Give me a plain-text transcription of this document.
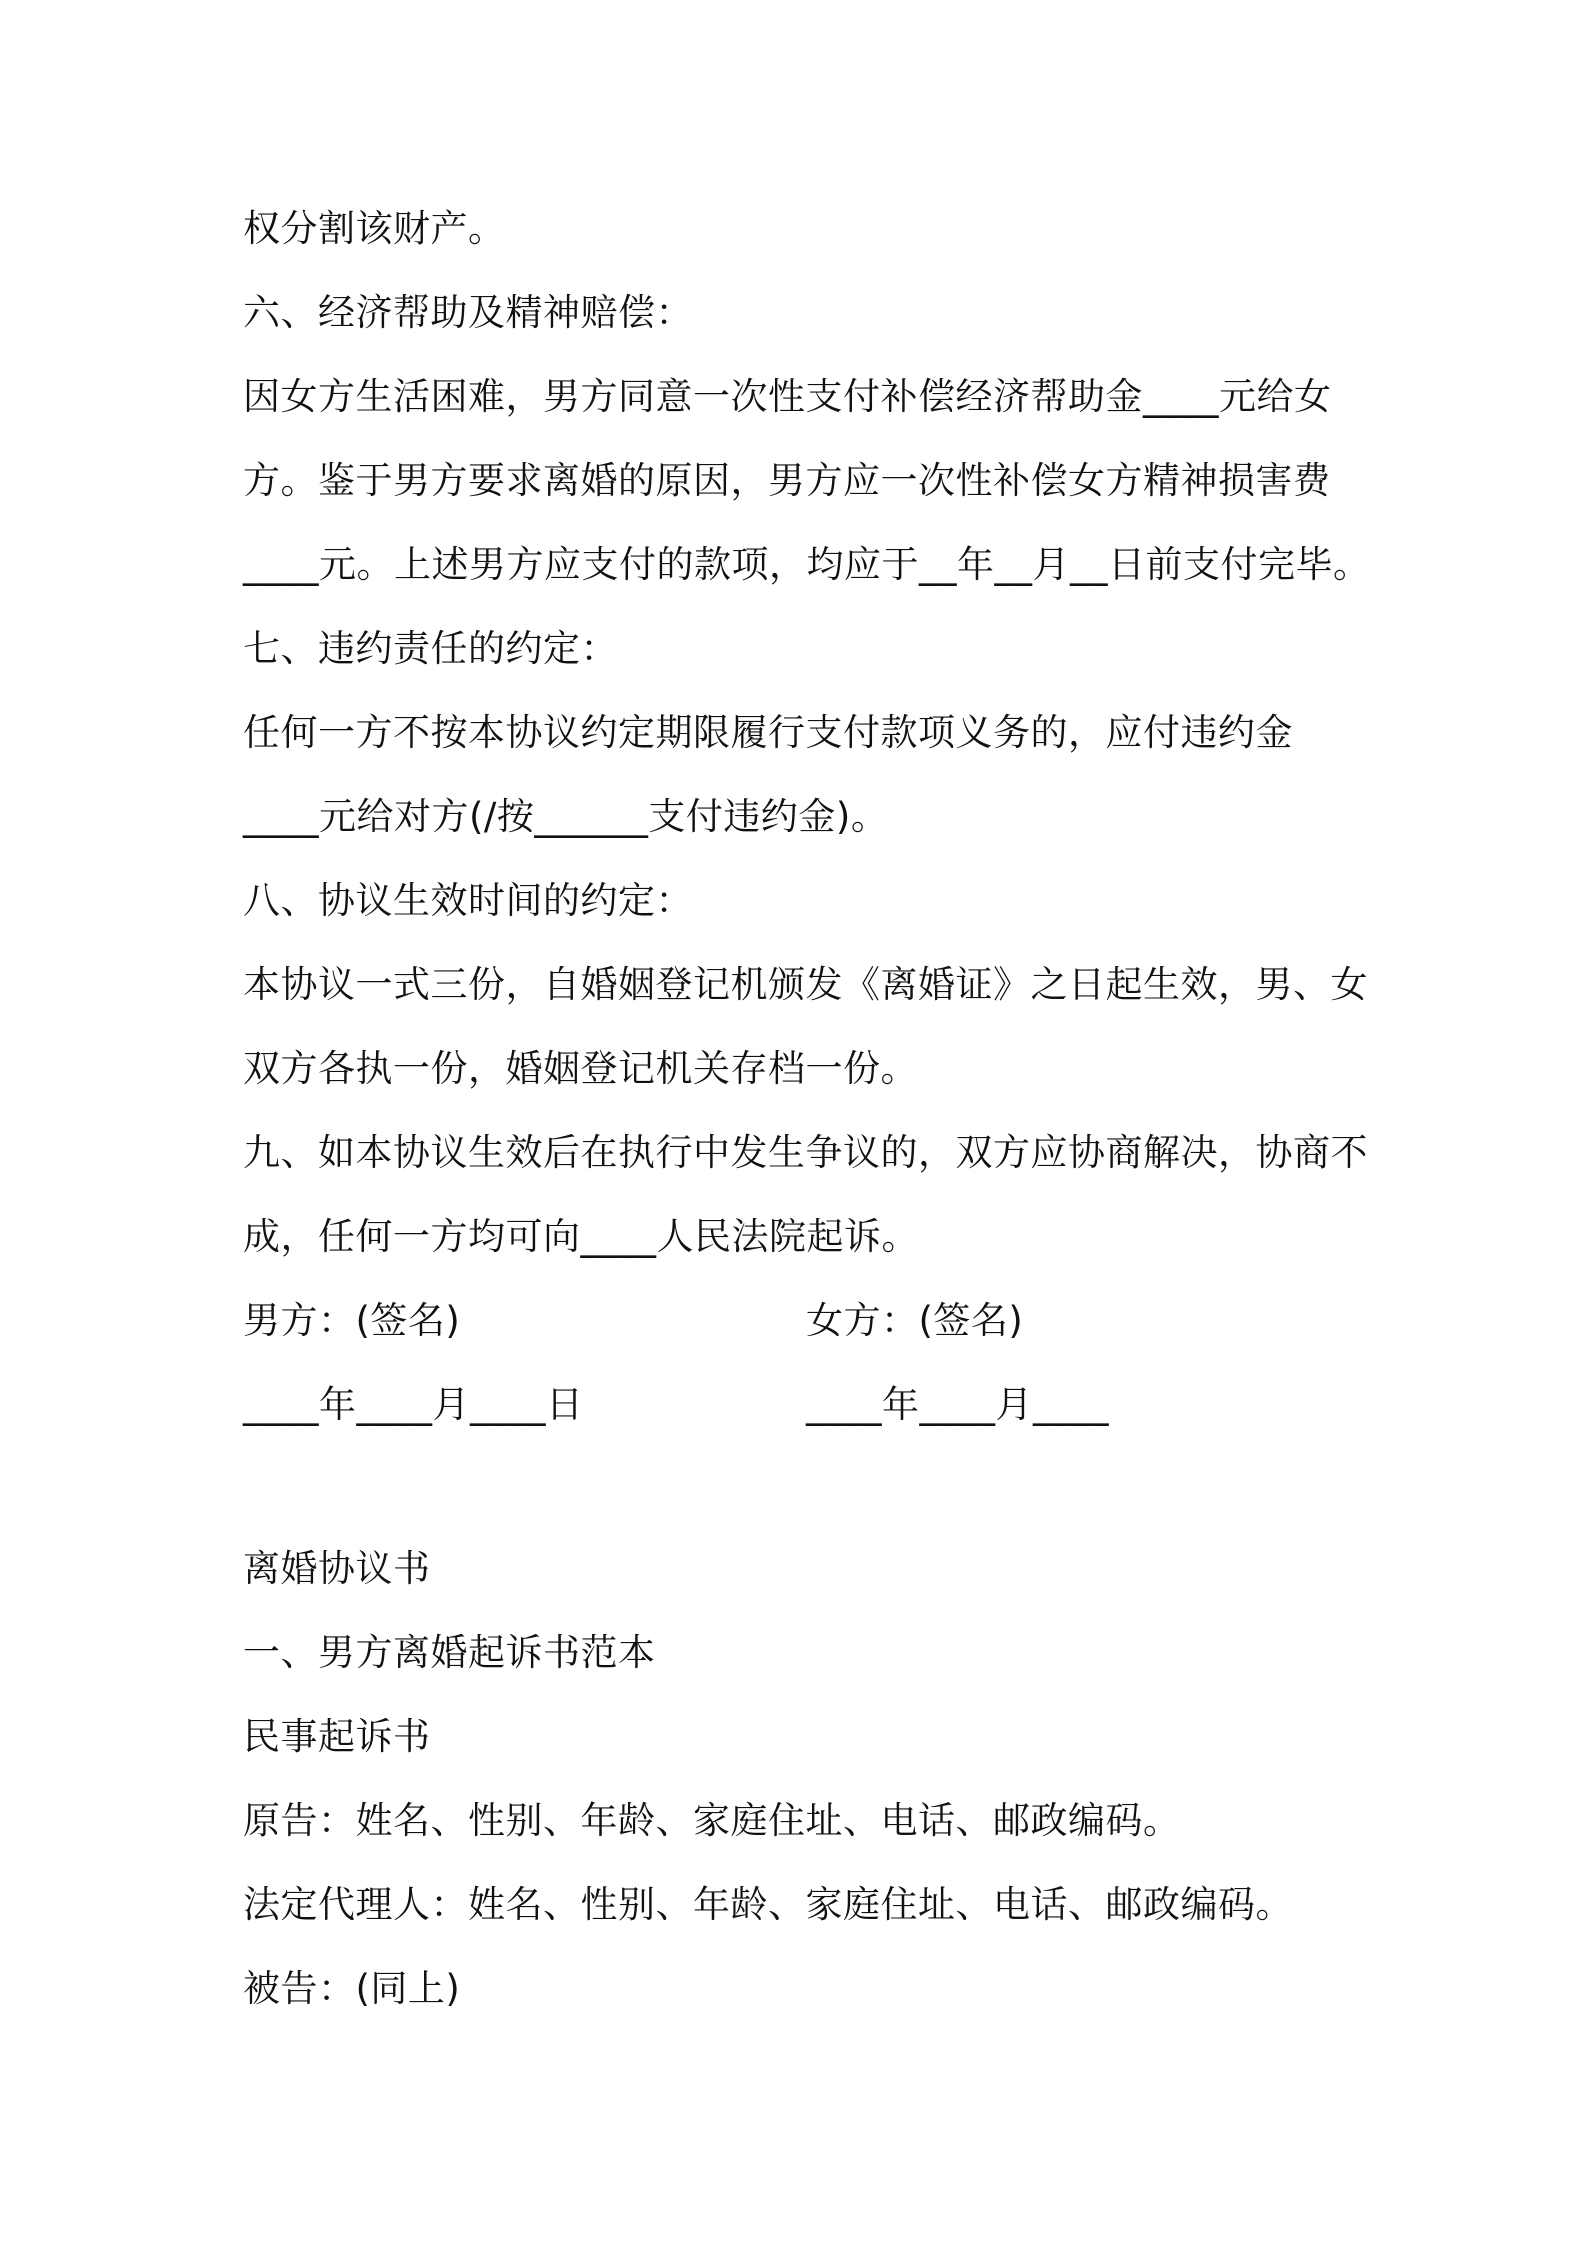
权分割该财产。
六、经济帮助及精神赔偿：
因女方生活困难，男方同意一次性支付补偿经济帮助金____元给女
方。鉴于男方要求离婚的原因，男方应一次性补偿女方精神损害费
____元。上述男方应支付的款项，均应于__年__月__日前支付完毕。
七、违约责任的约定：
任何一方不按本协议约定期限履行支付款项义务的，应付违约金
____元给对方(/按______支付违约金)。
八、协议生效时间的约定：
本协议一式三份，自婚姻登记机颁发《离婚证》之日起生效，男、女
双方各执一份，婚姻登记机关存档一份。
九、如本协议生效后在执行中发生争议的，双方应协商解决，协商不
成，任何一方均可向____人民法院起诉。
男方：(签名)	女方：(签名)
____年____月____日	____年____月____
离婚协议书
一、男方离婚起诉书范本
民事起诉书
原告：姓名、性别、年龄、家庭住址、电话、邮政编码。
法定代理人：姓名、性别、年龄、家庭住址、电话、邮政编码。
被告：(同上)
